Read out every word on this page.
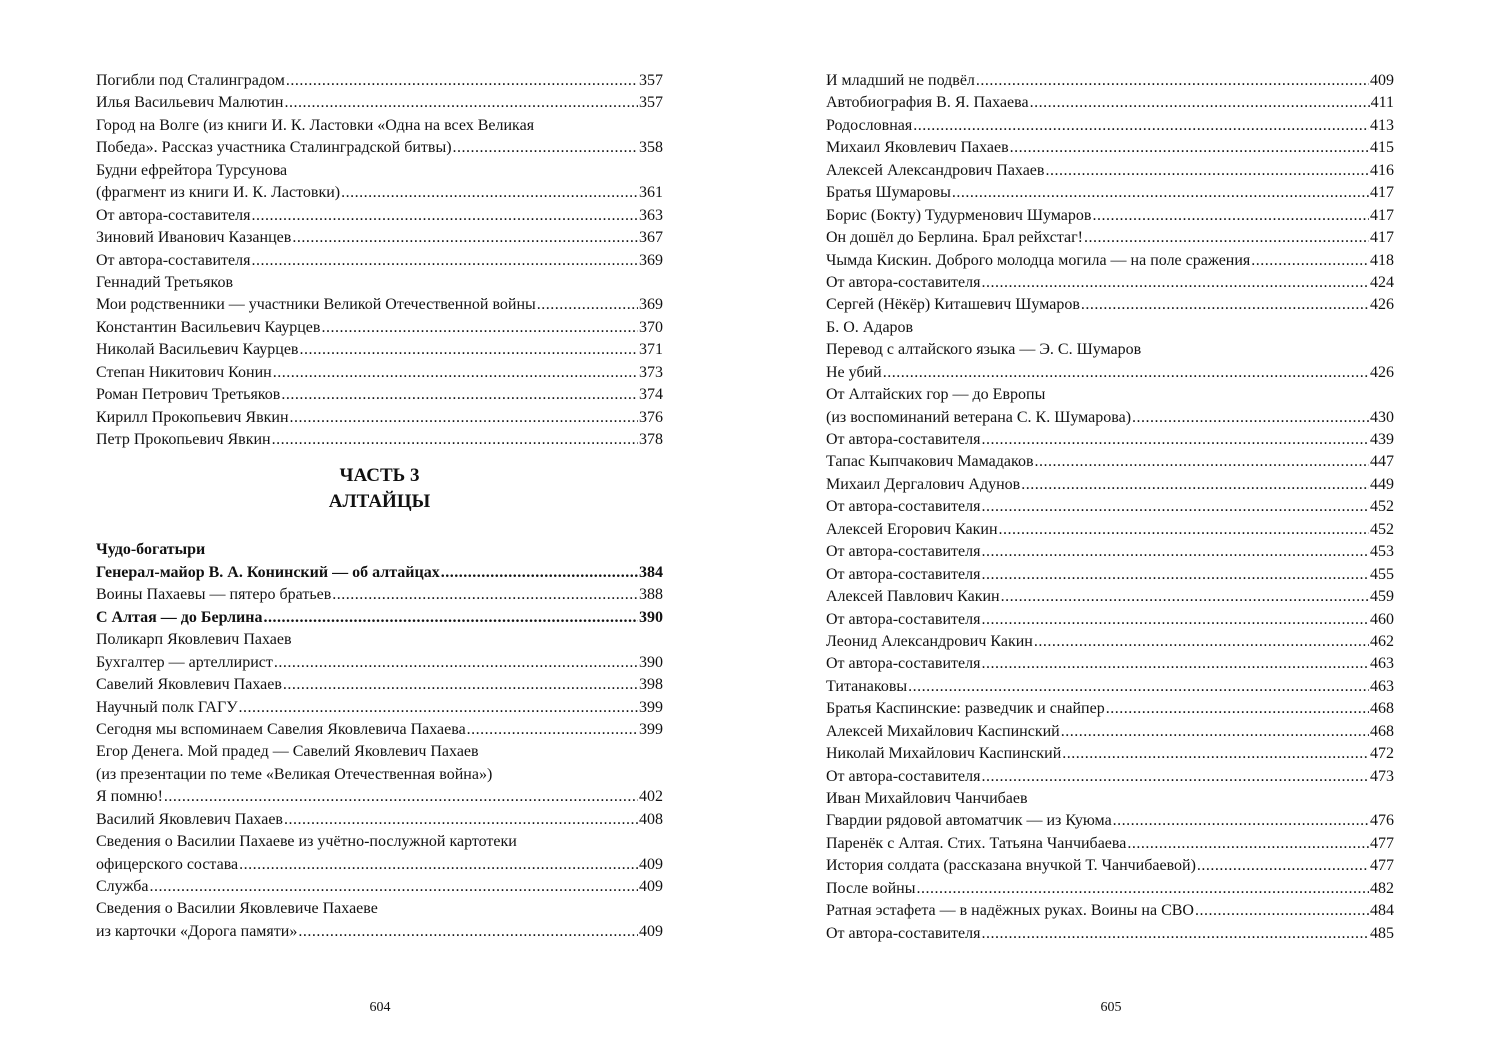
Погибли под Сталинградом .....	357
Илья Васильевич Малютин .....	357
Город на Волге (из книги И. К. Ластовки «Одна на всех Великая
Победа». Рассказ участника Сталинградской битвы) .....	358
Будни ефрейтора Турсунова
(фрагмент из книги И. К. Ластовки) .....	361
От автора-составителя .....	363
Зиновий Иванович Казанцев .....	367
От автора-составителя .....	369
Геннадий Третьяков
Мои родственники — участники Великой Отечественной войны .....	369
Константин Васильевич Каурцев .....	370
Николай Васильевич Каурцев .....	371
Степан Никитович Конин .....	373
Роман Петрович Третьяков .....	374
Кирилл Прокопьевич Явкин .....	376
Петр Прокопьевич Явкин .....	378
ЧАСТЬ 3
АЛТАЙЦЫ
Чудо-богатыри
Генерал-майор В. А. Конинский — об алтайцах .....	384
Воины Пахаевы — пятеро братьев .....	388
С Алтая — до Берлина .....	390
Поликарп Яковлевич Пахаев
Бухгалтер — артеллирист .....	390
Савелий Яковлевич Пахаев .....	398
Научный полк ГАГУ .....	399
Сегодня мы вспоминаем Савелия Яковлевича Пахаева .....	399
Егор Денега. Мой прадед — Савелий Яковлевич Пахаев
(из презентации по теме «Великая Отечественная война»)
Я помню! .....	402
Василий Яковлевич Пахаев .....	408
Сведения о Василии Пахаеве из учётно-послужной картотеки
офицерского состава .....	409
Служба .....	409
Сведения о Василии Яковлевиче Пахаеве
из карточки «Дорога памяти» .....	409
И младший не подвёл .....	409
Автобиография В. Я. Пахаева .....	411
Родословная .....	413
Михаил Яковлевич Пахаев .....	415
Алексей Александрович Пахаев .....	416
Братья Шумаровы .....	417
Борис (Бокту) Тудурменович Шумаров .....	417
Он дошёл до Берлина. Брал рейхстаг! .....	417
Чымда Кискин. Доброго молодца могила — на поле сражения .....	418
От автора-составителя .....	424
Сергей (Нёкёр) Киташевич Шумаров .....	426
Б. О. Адаров
Перевод с алтайского языка — Э. С. Шумаров
Не убий .....	426
От Алтайских гор — до Европы
(из воспоминаний ветерана С. К. Шумарова) .....	430
От автора-составителя .....	439
Тапас Кыпчакович Мамадаков .....	447
Михаил Дергалович Адунов .....	449
От автора-составителя .....	452
Алексей Егорович Какин .....	452
От автора-составителя .....	453
От автора-составителя .....	455
Алексей Павлович Какин .....	459
От автора-составителя .....	460
Леонид Александрович Какин .....	462
От автора-составителя .....	463
Титанаковы .....	463
Братья Каспинские: разведчик и снайпер .....	468
Алексей Михайлович Каспинский .....	468
Николай Михайлович Каспинский .....	472
От автора-составителя .....	473
Иван Михайлович Чанчибаев
Гвардии рядовой автоматчик — из Куюма .....	476
Паренёк с Алтая. Стих. Татьяна Чанчибаева .....	477
История солдата (рассказана внучкой Т. Чанчибаевой) .....	477
После войны .....	482
Ратная эстафета — в надёжных руках. Воины на СВО .....	484
От автора-составителя .....	485
604	605
